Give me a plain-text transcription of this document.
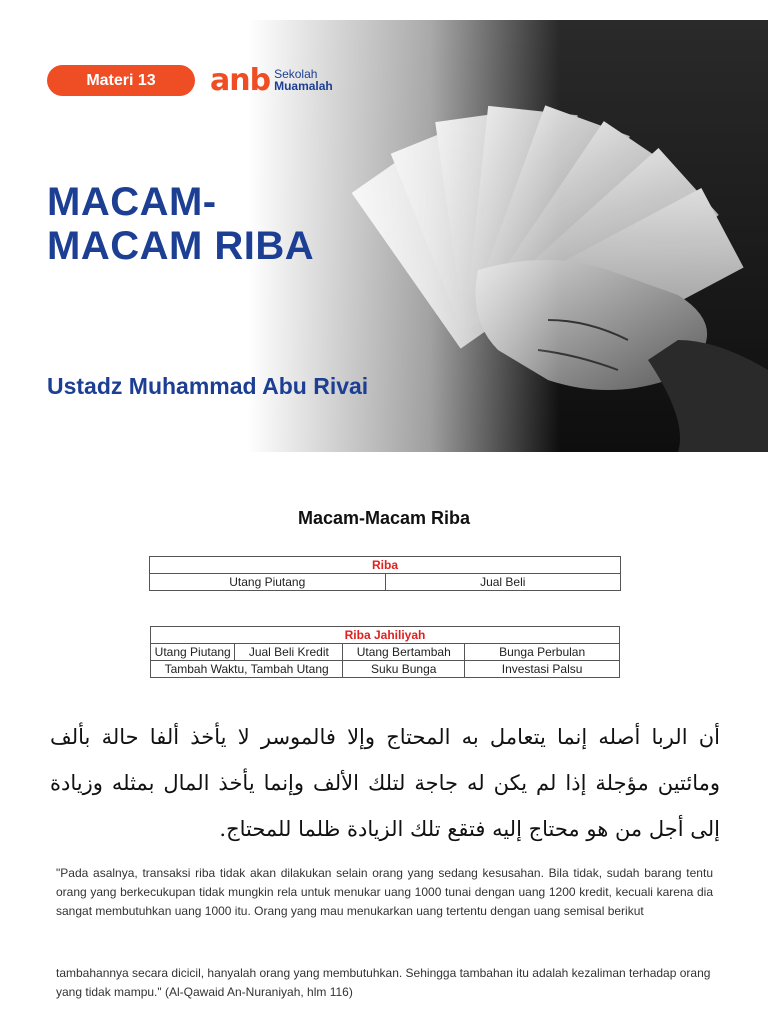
Materi 13	anb Sekolah
Muamalah
MACAM-
MACAM RIBA
Ustadz Muhammad Abu Rivai
Macam-Macam Riba
Riba
Utang Piutang	Jual Beli
Riba Jahiliyah			
Utang Piutang	Jual Beli Kredit	Utang Bertambah	Bunga Perbulan
Tambah Waktu, Tambah Utang		Suku Bunga	Investasi Palsu
أن الربا أصله إنما يتعامل به المحتاج وإلا فالموسر لا يأخذ ألفا حالة بألف ومائتين مؤجلة إذا لم يكن له جاجة لتلك الألف وإنما يأخذ المال بمثله وزيادة إلى أجل من هو محتاج إليه فتقع تلك الزيادة ظلما للمحتاج.

"Pada asalnya, transaksi riba tidak akan dilakukan selain orang yang sedang kesusahan. Bila tidak, sudah barang tentu orang yang berkecukupan tidak mungkin rela untuk menukar uang 1000 tunai dengan uang 1200 kredit, kecuali karena dia sangat membutuhkan uang 1000 itu. Orang yang mau menukarkan uang tertentu dengan uang semisal berikut

tambahannya secara dicicil, hanyalah orang yang membutuhkan. Sehingga tambahan itu adalah kezaliman terhadap orang yang tidak mampu." (Al-Qawaid An-Nuraniyah, hlm 116)
